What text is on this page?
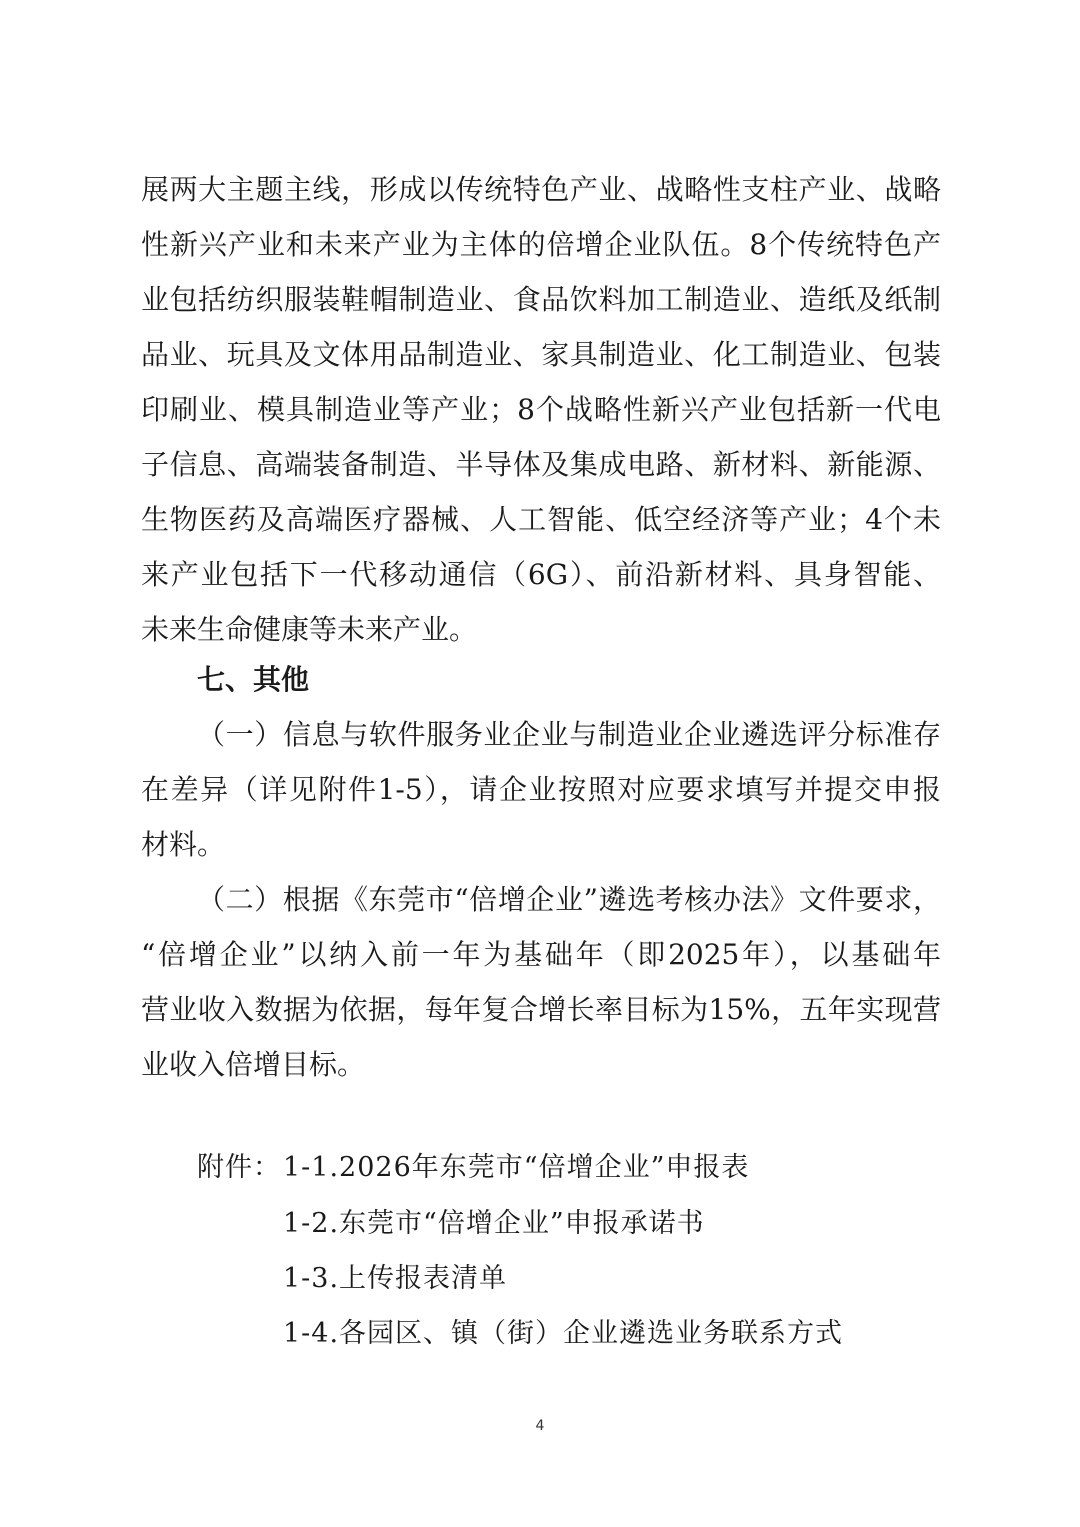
展两大主题主线，形成以传统特色产业、战略性支柱产业、战略
性新兴产业和未来产业为主体的倍增企业队伍。8个传统特色产
业包括纺织服装鞋帽制造业、食品饮料加工制造业、造纸及纸制
品业、玩具及文体用品制造业、家具制造业、化工制造业、包装
印刷业、模具制造业等产业；8个战略性新兴产业包括新一代电
子信息、高端装备制造、半导体及集成电路、新材料、新能源、
生物医药及高端医疗器械、人工智能、低空经济等产业；4个未
来产业包括下一代移动通信（6G）、前沿新材料、具身智能、
未来生命健康等未来产业。
七、其他
（一）信息与软件服务业企业与制造业企业遴选评分标准存
在差异（详见附件1-5），请企业按照对应要求填写并提交申报
材料。
（二）根据《东莞市“倍增企业”遴选考核办法》文件要求，
“倍增企业”以纳入前一年为基础年（即2025年），以基础年
营业收入数据为依据，每年复合增长率目标为15%，五年实现营
业收入倍增目标。
附件： 1-1.2026年东莞市“倍增企业”申报表
1-2.东莞市“倍增企业”申报承诺书
1-3.上传报表清单
1-4.各园区、镇（街）企业遴选业务联系方式
4
